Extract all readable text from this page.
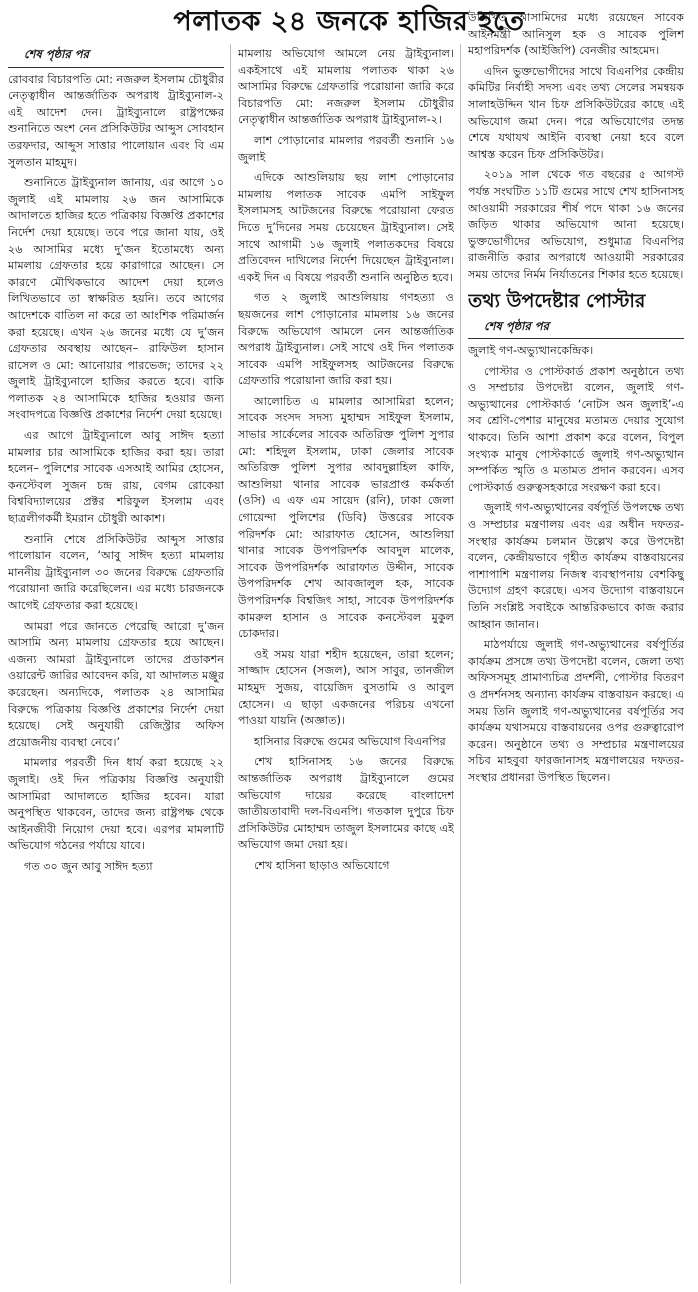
পলাতক ২৪ জনকে হাজির হতে

শেষ পৃষ্ঠার পর

রোববার বিচারপতি মো: নজরুল ইসলাম চৌধুরীর নেতৃত্বাধীন আন্তর্জাতিক অপরাধ ট্রাইব্যুনাল-২ এই আদেশ দেন। ট্রাইব্যুনালে রাষ্ট্রপক্ষের শুনানিতে অংশ নেন প্রসিকিউটর আব্দুস সোবহান তরফদার, আব্দুস সাত্তার পালোয়ান এবং বি এম সুলতান মাহমুদ।

শুনানিতে ট্রাইব্যুনাল জানায়, এর আগে ১০ জুলাই এই মামলায় ২৬ জন আসামিকে আদালতে হাজির হতে পত্রিকায় বিজ্ঞপ্তি প্রকাশের নির্দেশ দেয়া হয়েছে। তবে পরে জানা যায়, ওই ২৬ আসামির মধ্যে দু’জন ইতোমধ্যে অন্য মামলায় গ্রেফতার হয়ে কারাগারে আছেন। সে কারণে মৌখিকভাবে আদেশ দেয়া হলেও লিখিতভাবে তা স্বাক্ষরিত হয়নি। তবে আগের আদেশকে বাতিল না করে তা আংশিক পরিমার্জন করা হয়েছে। এখন ২৬ জনের মধ্যে যে দু’জন গ্রেফতার অবস্থায় আছেন– রাফিউল হাসান রাসেল ও মো: আনোয়ার পারভেজ; তাদের ২২ জুলাই ট্রাইব্যুনালে হাজির করতে হবে। বাকি পলাতক ২৪ আসামিকে হাজির হওয়ার জন্য সংবাদপত্রে বিজ্ঞপ্তি প্রকাশের নির্দেশ দেয়া হয়েছে।

এর আগে ট্রাইব্যুনালে আবু সাঈদ হত্যা মামলার চার আসামিকে হাজির করা হয়। তারা হলেন– পুলিশের সাবেক এসআই আমির হোসেন, কনস্টেবল সুজন চন্দ্র রায়, বেগম রোকেয়া বিশ্ববিদ্যালয়ের প্রক্টর শরিফুল ইসলাম এবং ছাত্রলীগকর্মী ইমরান চৌধুরী আকাশ।

শুনানি শেষে প্রসিকিউটর আব্দুস সাত্তার পালোয়ান বলেন, ‘আবু সাঈদ হত্যা মামলায় মাননীয় ট্রাইব্যুনাল ৩০ জনের বিরুদ্ধে গ্রেফতারি পরোয়ানা জারি করেছিলেন। এর মধ্যে চারজনকে আগেই গ্রেফতার করা হয়েছে।

আমরা পরে জানতে পেরেছি আরো দু’জন আসামি অন্য মামলায় গ্রেফতার হয়ে আছেন। এজন্য আমরা ট্রাইব্যুনালে তাদের প্রডাকশন ওয়ারেন্ট জারির আবেদন করি, যা আদালত মঞ্জুর করেছেন। অন্যদিকে, পলাতক ২৪ আসামির বিরুদ্ধে পত্রিকায় বিজ্ঞপ্তি প্রকাশের নির্দেশ দেয়া হয়েছে। সেই অনুযায়ী রেজিস্ট্রার অফিস প্রয়োজনীয় ব্যবস্থা নেবে।’

মামলার পরবর্তী দিন ধার্য করা হয়েছে ২২ জুলাই। ওই দিন পত্রিকায় বিজ্ঞপ্তি অনুযায়ী আসামিরা আদালতে হাজির হবেন। যারা অনুপস্থিত থাকবেন, তাদের জন্য রাষ্ট্রপক্ষ থেকে আইনজীবী নিয়োগ দেয়া হবে। এরপর মামলাটি অভিযোগ গঠনের পর্যায়ে যাবে।

গত ৩০ জুন আবু সাঈদ হত্যা

মামলায় অভিযোগ আমলে নেয় ট্রাইব্যুনাল। একইসাথে এই মামলায় পলাতক থাকা ২৬ আসামির বিরুদ্ধে গ্রেফতারি পরোয়ানা জারি করে বিচারপতি মো: নজরুল ইসলাম চৌধুরীর নেতৃত্বাধীন আন্তর্জাতিক অপরাধ ট্রাইব্যুনাল-২।

লাশ পোড়ানোর মামলার পরবর্তী শুনানি ১৬ জুলাই

এদিকে আশুলিয়ায় ছয় লাশ পোড়ানোর মামলায় পলাতক সাবেক এমপি সাইফুল ইসলামসহ আটজনের বিরুদ্ধে পরোয়ানা ফেরত দিতে দু’দিনের সময় চেয়েছেন ট্রাইব্যুনাল। সেই সাথে আগামী ১৬ জুলাই পলাতকদের বিষয়ে প্রতিবেদন দাখিলের নির্দেশ দিয়েছেন ট্রাইব্যুনাল। একই দিন এ বিষয়ে পরবর্তী শুনানি অনুষ্ঠিত হবে।

গত ২ জুলাই আশুলিয়ায় গণহত্যা ও ছয়জনের লাশ পোড়ানোর মামলায় ১৬ জনের বিরুদ্ধে অভিযোগ আমলে নেন আন্তর্জাতিক অপরাধ ট্রাইব্যুনাল। সেই সাথে ওই দিন পলাতক সাবেক এমপি সাইফুলসহ আটজনের বিরুদ্ধে গ্রেফতারি পরোয়ানা জারি করা হয়।

আলোচিত এ মামলার আসামিরা হলেন; সাবেক সংসদ সদস্য মুহাম্মদ সাইফুল ইসলাম, সাভার সার্কেলের সাবেক অতিরিক্ত পুলিশ সুপার মো: শহিদুল ইসলাম, ঢাকা জেলার সাবেক অতিরিক্ত পুলিশ সুপার আবদুল্লাহিল কাফি, আশুলিয়া থানার সাবেক ভারপ্রাপ্ত কর্মকর্তা (ওসি) এ এফ এম সায়েদ (রনি), ঢাকা জেলা গোয়েন্দা পুলিশের (ডিবি) উত্তরের সাবেক পরিদর্শক মো: আরাফাত হোসেন, আশুলিয়া থানার সাবেক উপপরিদর্শক আবদুল মালেক, সাবেক উপপরিদর্শক আরাফাত উদ্দীন, সাবেক উপপরিদর্শক শেখ আবজালুল হক, সাবেক উপপরিদর্শক বিশ্বজিৎ সাহা, সাবেক উপপরিদর্শক কামরুল হাসান ও সাবেক কনস্টেবল মুকুল চোকদার।

ওই সময় যারা শহীদ হয়েছেন, তারা হলেন; সাজ্জাদ হোসেন (সজল), আস সাবুর, তানজীল মাহমুদ সুজয়, বায়েজিদ বুসতামি ও আবুল হোসেন। এ ছাড়া একজনের পরিচয় এখনো পাওয়া যায়নি (অজ্ঞাত)।

হাসিনার বিরুদ্ধে গুমের অভিযোগ বিএনপির

শেখ হাসিনাসহ ১৬ জনের বিরুদ্ধে আন্তর্জাতিক অপরাধ ট্রাইব্যুনালে গুমের অভিযোগ দায়ের করেছে বাংলাদেশ জাতীয়তাবাদী দল-বিএনপি। গতকাল দুপুরে চিফ প্রসিকিউটর মোহাম্মদ তাজুল ইসলামের কাছে এই অভিযোগ জমা দেয়া হয়।

শেখ হাসিনা ছাড়াও অভিযোগে

উল্লিখিত আসামিদের মধ্যে রয়েছেন সাবেক আইনমন্ত্রী আনিসুল হক ও সাবেক পুলিশ মহাপরিদর্শক (আইজিপি) বেনজীর আহমেদ।

এদিন ভুক্তভোগীদের সাথে বিএনপির কেন্দ্রীয় কমিটির নির্বাহী সদস্য এবং তথ্য সেলের সমন্বয়ক সালাহউদ্দিন খান চিফ প্রসিকিউটরের কাছে এই অভিযোগ জমা দেন। পরে অভিযোগের তদন্ত শেষে যথাযথ আইনি ব্যবস্থা নেয়া হবে বলে আশ্বস্ত করেন চিফ প্রসিকিউটর।

২০১৯ সাল থেকে গত বছরের ৫ আগস্ট পর্যন্ত সংঘটিত ১১টি গুমের সাথে শেখ হাসিনাসহ আওয়ামী সরকারের শীর্ষ পদে থাকা ১৬ জনের জড়িত থাকার অভিযোগ আনা হয়েছে। ভুক্তভোগীদের অভিযোগ, শুধুমাত্র বিএনপির রাজনীতি করার অপরাধে আওয়ামী সরকারের সময় তাদের নির্মম নির্যাতনের শিকার হতে হয়েছে।

তথ্য উপদেষ্টার পোস্টার

শেষ পৃষ্ঠার পর

জুলাই গণ-অভ্যুত্থানকেন্দ্রিক।

পোস্টার ও পোস্টকার্ড প্রকাশ অনুষ্ঠানে তথ্য ও সম্প্রচার উপদেষ্টা বলেন, জুলাই গণ-অভ্যুত্থানের পোস্টকার্ড ‘নোটস অন জুলাই’-এ সব শ্রেণি-পেশার মানুষের মতামত দেয়ার সুযোগ থাকবে। তিনি আশা প্রকাশ করে বলেন, বিপুল সংখ্যক মানুষ পোস্টকার্ডে জুলাই গণ-অভ্যুত্থান সম্পর্কিত স্মৃতি ও মতামত প্রদান করবেন। এসব পোস্টকার্ড গুরুত্বসহকারে সংরক্ষণ করা হবে।

জুলাই গণ-অভ্যুত্থানের বর্ষপূর্তি উপলক্ষে তথ্য ও সম্প্রচার মন্ত্রণালয় এবং এর অধীন দফতর-সংস্থার কার্যক্রম চলমান উল্লেখ করে উপদেষ্টা বলেন, কেন্দ্রীয়ভাবে গৃহীত কার্যক্রম বাস্তবায়নের পাশাপাশি মন্ত্রণালয় নিজস্ব ব্যবস্থাপনায় বেশকিছু উদ্যোগ গ্রহণ করেছে। এসব উদ্যোগ বাস্তবায়নে তিনি সংশ্লিষ্ট সবাইকে আন্তরিকভাবে কাজ করার আহ্বান জানান।

মাঠপর্যায়ে জুলাই গণ-অভ্যুত্থানের বর্ষপূর্তির কার্যক্রম প্রসঙ্গে তথ্য উপদেষ্টা বলেন, জেলা তথ্য অফিসসমূহ প্রামাণ্যচিত্র প্রদর্শনী, পোস্টার বিতরণ ও প্রদর্শনসহ অন্যান্য কার্যক্রম বাস্তবায়ন করছে। এ সময় তিনি জুলাই গণ-অভ্যুত্থানের বর্ষপূর্তির সব কার্যক্রম যথাসময়ে বাস্তবায়নের ওপর গুরুত্বারোপ করেন। অনুষ্ঠানে তথ্য ও সম্প্রচার মন্ত্রণালয়ের সচিব মাহবুবা ফারজানাসহ মন্ত্রণালয়ের দফতর-সংস্থার প্রধানরা উপস্থিত ছিলেন।
